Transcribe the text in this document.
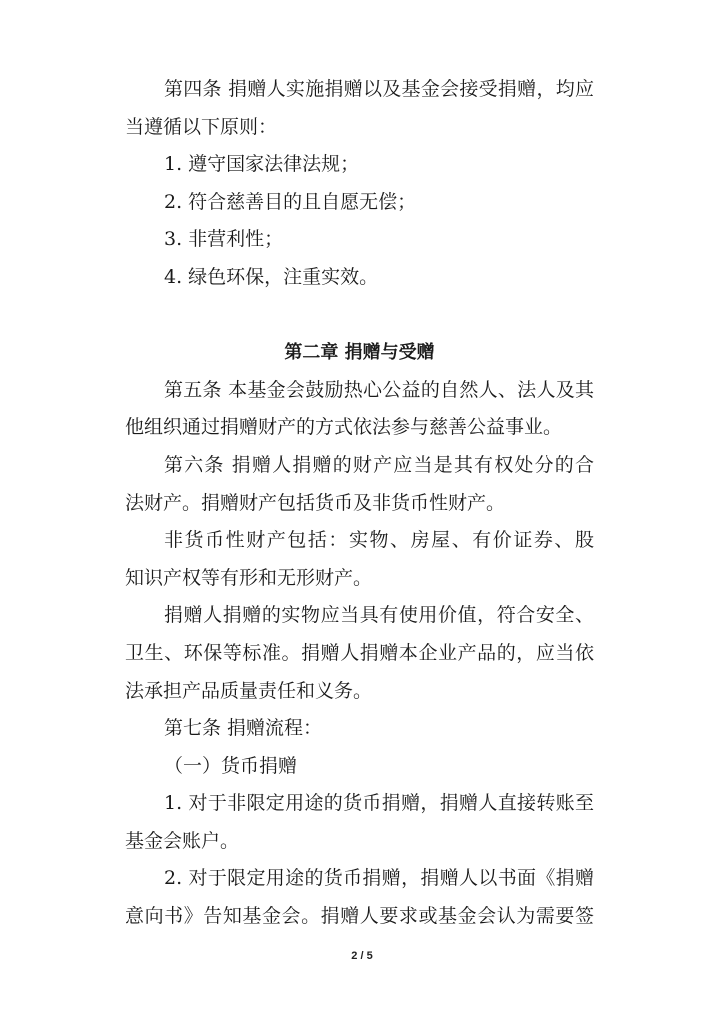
第四条 捐赠人实施捐赠以及基金会接受捐赠，均应
当遵循以下原则：
1. 遵守国家法律法规；
2. 符合慈善目的且自愿无偿；
3. 非营利性；
4. 绿色环保，注重实效。
第二章 捐赠与受赠
第五条 本基金会鼓励热心公益的自然人、法人及其
他组织通过捐赠财产的方式依法参与慈善公益事业。
第六条 捐赠人捐赠的财产应当是其有权处分的合
法财产。捐赠财产包括货币及非货币性财产。
非货币性财产包括：实物、房屋、有价证券、股
知识产权等有形和无形财产。
捐赠人捐赠的实物应当具有使用价值，符合安全、
卫生、环保等标准。捐赠人捐赠本企业产品的，应当依
法承担产品质量责任和义务。
第七条 捐赠流程：
（一）货币捐赠
1. 对于非限定用途的货币捐赠，捐赠人直接转账至
基金会账户。
2. 对于限定用途的货币捐赠，捐赠人以书面《捐赠
意向书》告知基金会。捐赠人要求或基金会认为需要签
2 / 5
